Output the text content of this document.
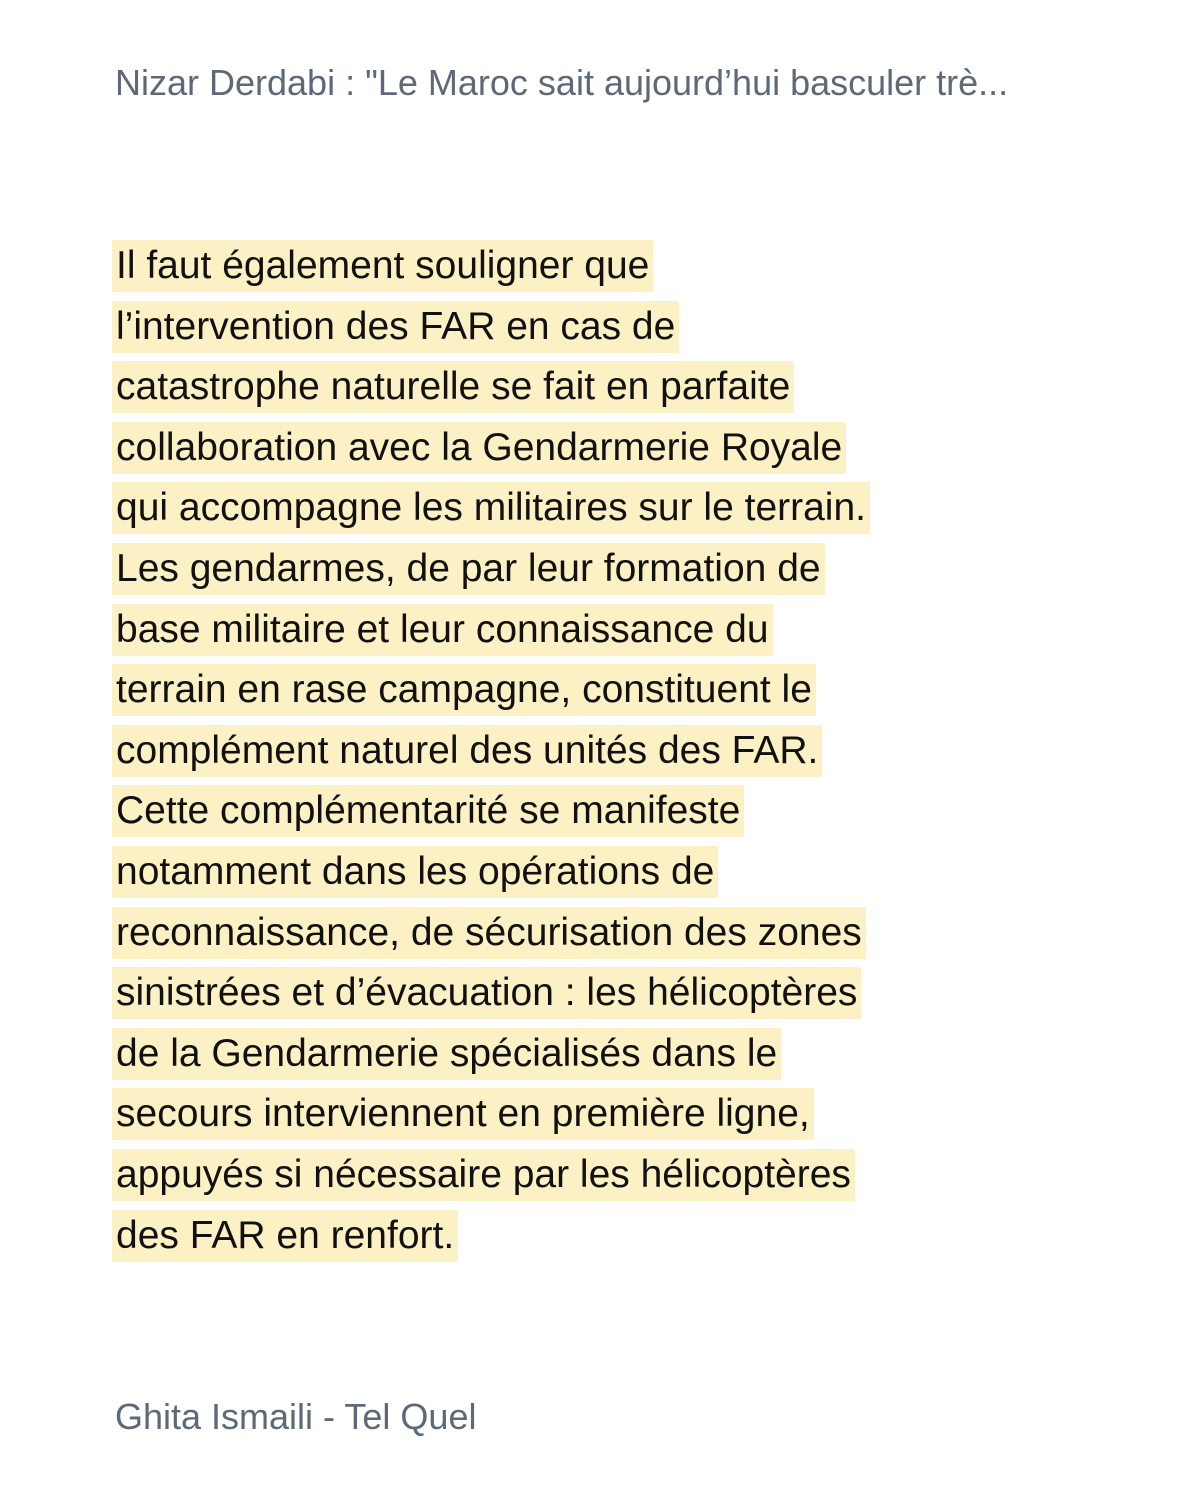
Nizar Derdabi : "Le Maroc sait aujourd’hui basculer trè...
Il faut également souligner que
l’intervention des FAR en cas de
catastrophe naturelle se fait en parfaite
collaboration avec la Gendarmerie Royale
qui accompagne les militaires sur le terrain.
Les gendarmes, de par leur formation de
base militaire et leur connaissance du
terrain en rase campagne, constituent le
complément naturel des unités des FAR.
Cette complémentarité se manifeste
notamment dans les opérations de
reconnaissance, de sécurisation des zones
sinistrées et d’évacuation : les hélicoptères
de la Gendarmerie spécialisés dans le
secours interviennent en première ligne,
appuyés si nécessaire par les hélicoptères
des FAR en renfort.
Ghita Ismaili - Tel Quel
